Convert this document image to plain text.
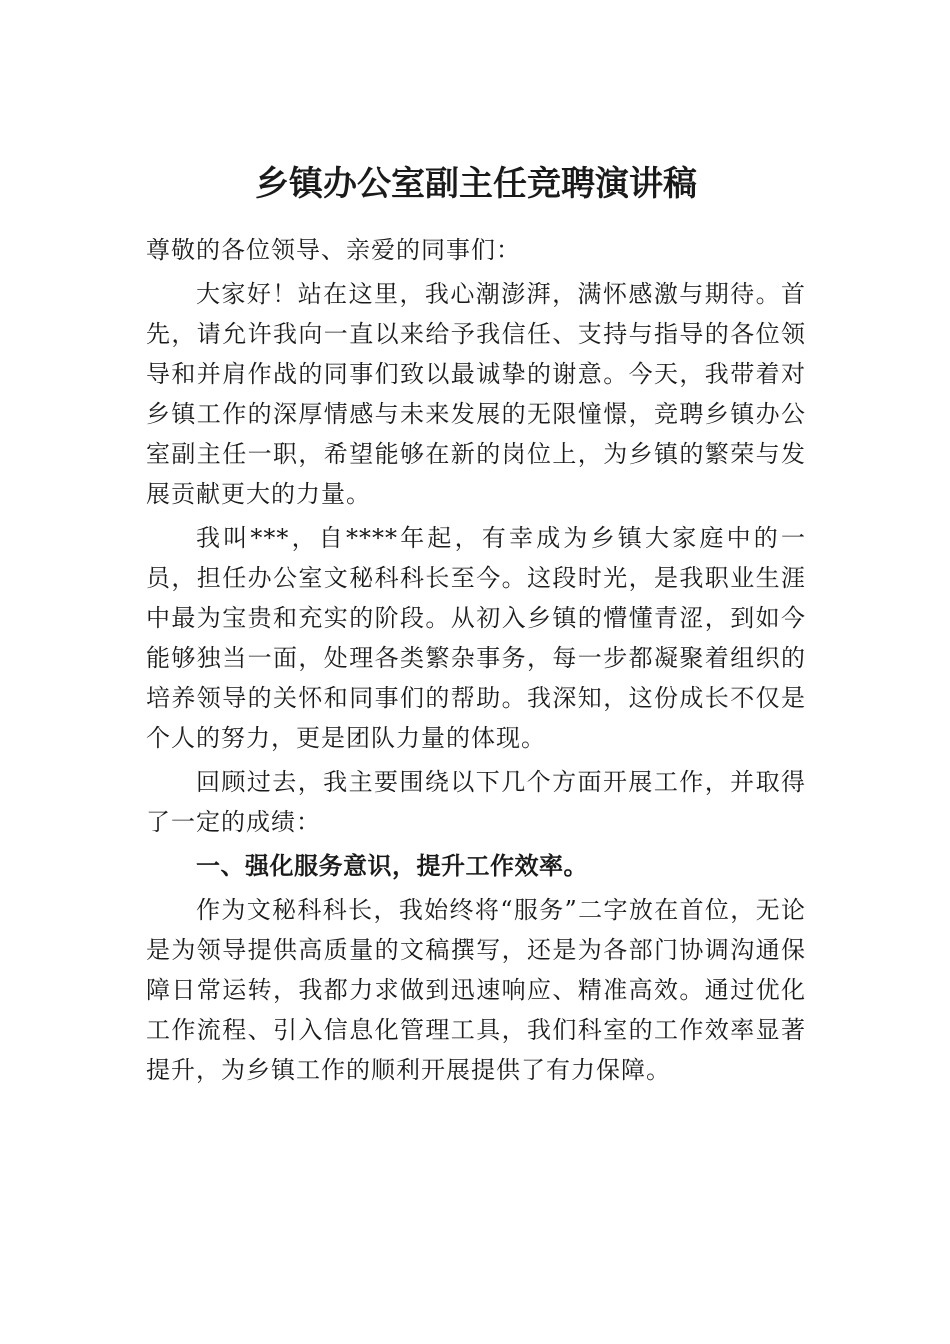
乡镇办公室副主任竞聘演讲稿

尊敬的各位领导、亲爱的同事们：

大家好！站在这里，我心潮澎湃，满怀感激与期待。首先，请允许我向一直以来给予我信任、支持与指导的各位领导和并肩作战的同事们致以最诚挚的谢意。今天，我带着对乡镇工作的深厚情感与未来发展的无限憧憬，竞聘乡镇办公室副主任一职，希望能够在新的岗位上，为乡镇的繁荣与发展贡献更大的力量。

我叫***，自****年起，有幸成为乡镇大家庭中的一员，担任办公室文秘科科长至今。这段时光，是我职业生涯中最为宝贵和充实的阶段。从初入乡镇的懵懂青涩，到如今能够独当一面，处理各类繁杂事务，每一步都凝聚着组织的培养领导的关怀和同事们的帮助。我深知，这份成长不仅是个人的努力，更是团队力量的体现。

回顾过去，我主要围绕以下几个方面开展工作，并取得了一定的成绩：

一、强化服务意识，提升工作效率。

作为文秘科科长，我始终将“服务”二字放在首位，无论是为领导提供高质量的文稿撰写，还是为各部门协调沟通保障日常运转，我都力求做到迅速响应、精准高效。通过优化工作流程、引入信息化管理工具，我们科室的工作效率显著提升，为乡镇工作的顺利开展提供了有力保障。
